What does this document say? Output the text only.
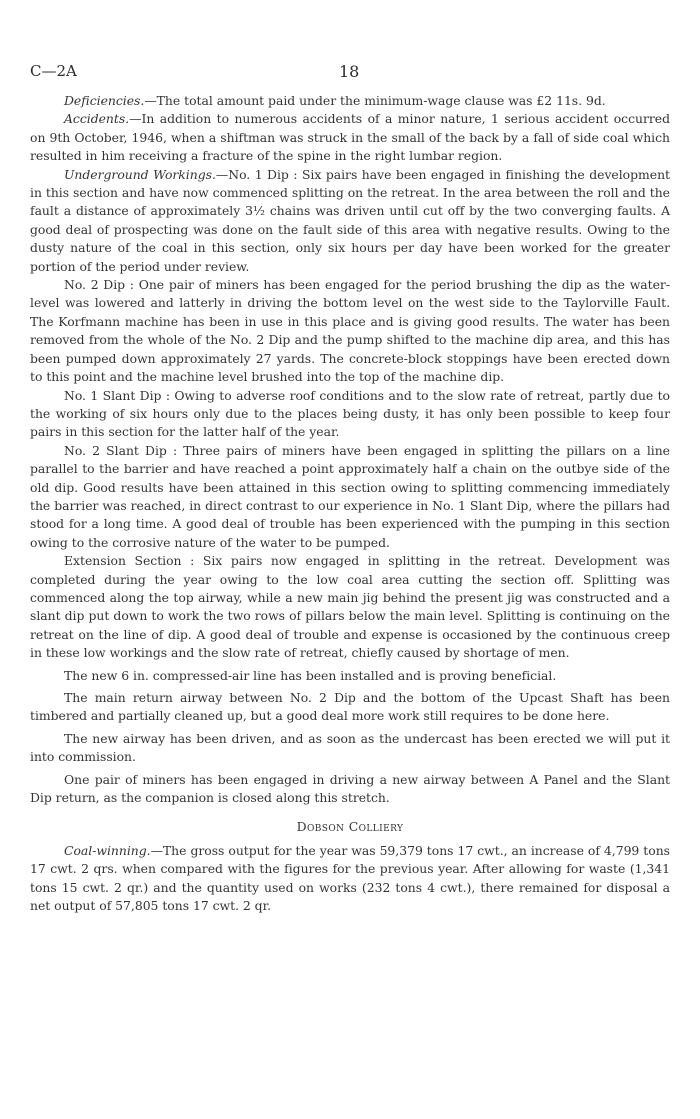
C—2A	18

Deficiencies.—The total amount paid under the minimum-wage clause was £2 11s. 9d.

Accidents.—In addition to numerous accidents of a minor nature, 1 serious accident occurred on 9th October, 1946, when a shiftman was struck in the small of the back by a fall of side coal which resulted in him receiving a fracture of the spine in the right lumbar region.

Underground Workings.—No. 1 Dip : Six pairs have been engaged in finishing the development in this section and have now commenced splitting on the retreat. In the area between the roll and the fault a distance of approximately 3½ chains was driven until cut off by the two converging faults. A good deal of prospecting was done on the fault side of this area with negative results. Owing to the dusty nature of the coal in this section, only six hours per day have been worked for the greater portion of the period under review.

No. 2 Dip : One pair of miners has been engaged for the period brushing the dip as the water-level was lowered and latterly in driving the bottom level on the west side to the Taylorville Fault. The Korfmann machine has been in use in this place and is giving good results. The water has been removed from the whole of the No. 2 Dip and the pump shifted to the machine dip area, and this has been pumped down approximately 27 yards. The concrete-block stoppings have been erected down to this point and the machine level brushed into the top of the machine dip.

No. 1 Slant Dip : Owing to adverse roof conditions and to the slow rate of retreat, partly due to the working of six hours only due to the places being dusty, it has only been possible to keep four pairs in this section for the latter half of the year.

No. 2 Slant Dip : Three pairs of miners have been engaged in splitting the pillars on a line parallel to the barrier and have reached a point approximately half a chain on the outbye side of the old dip. Good results have been attained in this section owing to splitting commencing immediately the barrier was reached, in direct contrast to our experience in No. 1 Slant Dip, where the pillars had stood for a long time. A good deal of trouble has been experienced with the pumping in this section owing to the corrosive nature of the water to be pumped.

Extension Section : Six pairs now engaged in splitting in the retreat. Development was completed during the year owing to the low coal area cutting the section off. Splitting was commenced along the top airway, while a new main jig behind the present jig was constructed and a slant dip put down to work the two rows of pillars below the main level. Splitting is continuing on the retreat on the line of dip. A good deal of trouble and expense is occasioned by the continuous creep in these low workings and the slow rate of retreat, chiefly caused by shortage of men.

The new 6 in. compressed-air line has been installed and is proving beneficial.

The main return airway between No. 2 Dip and the bottom of the Upcast Shaft has been timbered and partially cleaned up, but a good deal more work still requires to be done here.

The new airway has been driven, and as soon as the undercast has been erected we will put it into commission.

One pair of miners has been engaged in driving a new airway between A Panel and the Slant Dip return, as the companion is closed along this stretch.

Dobson Colliery

Coal-winning.—The gross output for the year was 59,379 tons 17 cwt., an increase of 4,799 tons 17 cwt. 2 qrs. when compared with the figures for the previous year. After allowing for waste (1,341 tons 15 cwt. 2 qr.) and the quantity used on works (232 tons 4 cwt.), there remained for disposal a net output of 57,805 tons 17 cwt. 2 qr.
